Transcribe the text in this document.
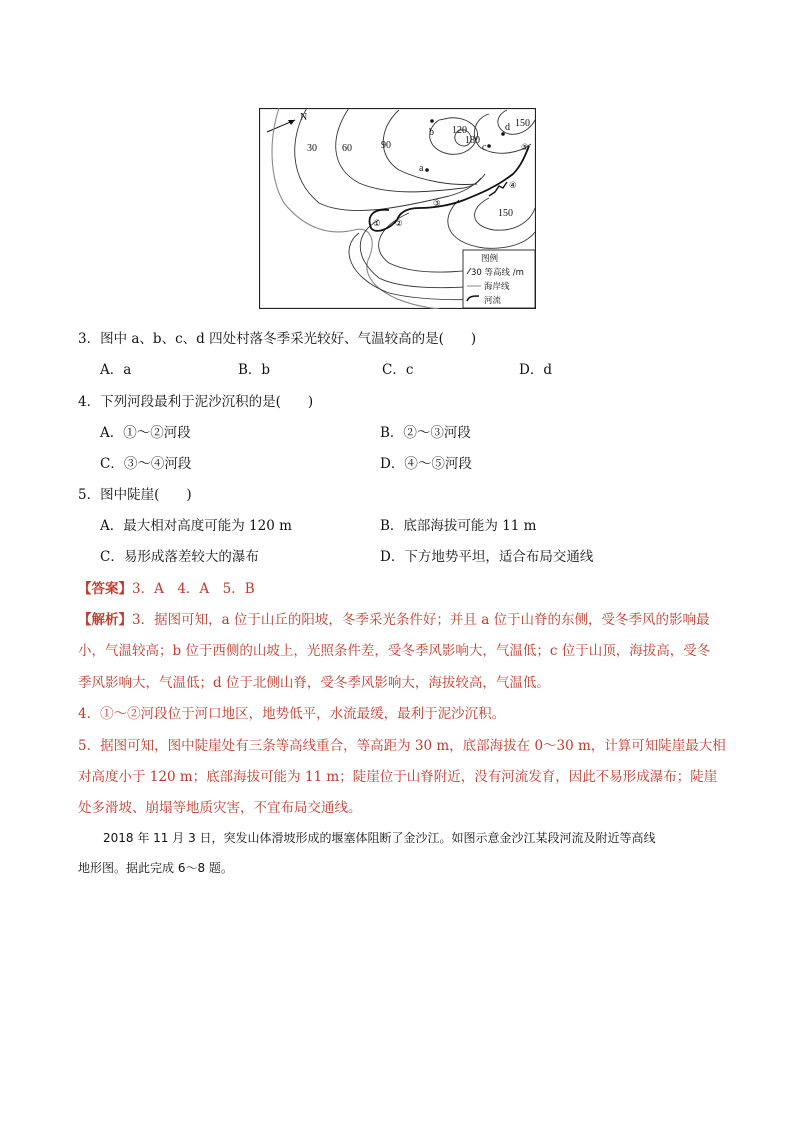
N
30	60	90
120
180
150
150
a
b
c
d
① ②
③
④
⑤
图例
30 等高线 /m
海岸线
河流
3．图中 a、b、c、d 四处村落冬季采光较好、气温较高的是(　　)
A．a	B．b	C．c	D．d
4．下列河段最利于泥沙沉积的是(　　)
A．①～②河段	B．②～③河段
C．③～④河段	D．④～⑤河段
5．图中陡崖(　　)
A．最大相对高度可能为 120 m	B．底部海拔可能为 11 m
C．易形成落差较大的瀑布	D．下方地势平坦，适合布局交通线
【答案】3．A　4．A　5．B
【解析】3．据图可知，a 位于山丘的阳坡，冬季采光条件好；并且 a 位于山脊的东侧，受冬季风的影响最
小，气温较高；b 位于西侧的山坡上，光照条件差，受冬季风影响大，气温低；c 位于山顶，海拔高，受冬
季风影响大，气温低；d 位于北侧山脊，受冬季风影响大，海拔较高，气温低。
4．①～②河段位于河口地区，地势低平，水流最缓，最利于泥沙沉积。
5．据图可知，图中陡崖处有三条等高线重合，等高距为 30 m，底部海拔在 0～30 m，计算可知陡崖最大相
对高度小于 120 m；底部海拔可能为 11 m；陡崖位于山脊附近，没有河流发育，因此不易形成瀑布；陡崖
处多滑坡、崩塌等地质灾害，不宜布局交通线。
2018 年 11 月 3 日，突发山体滑坡形成的堰塞体阻断了金沙江。如图示意金沙江某段河流及附近等高线
地形图。据此完成 6～8 题。
